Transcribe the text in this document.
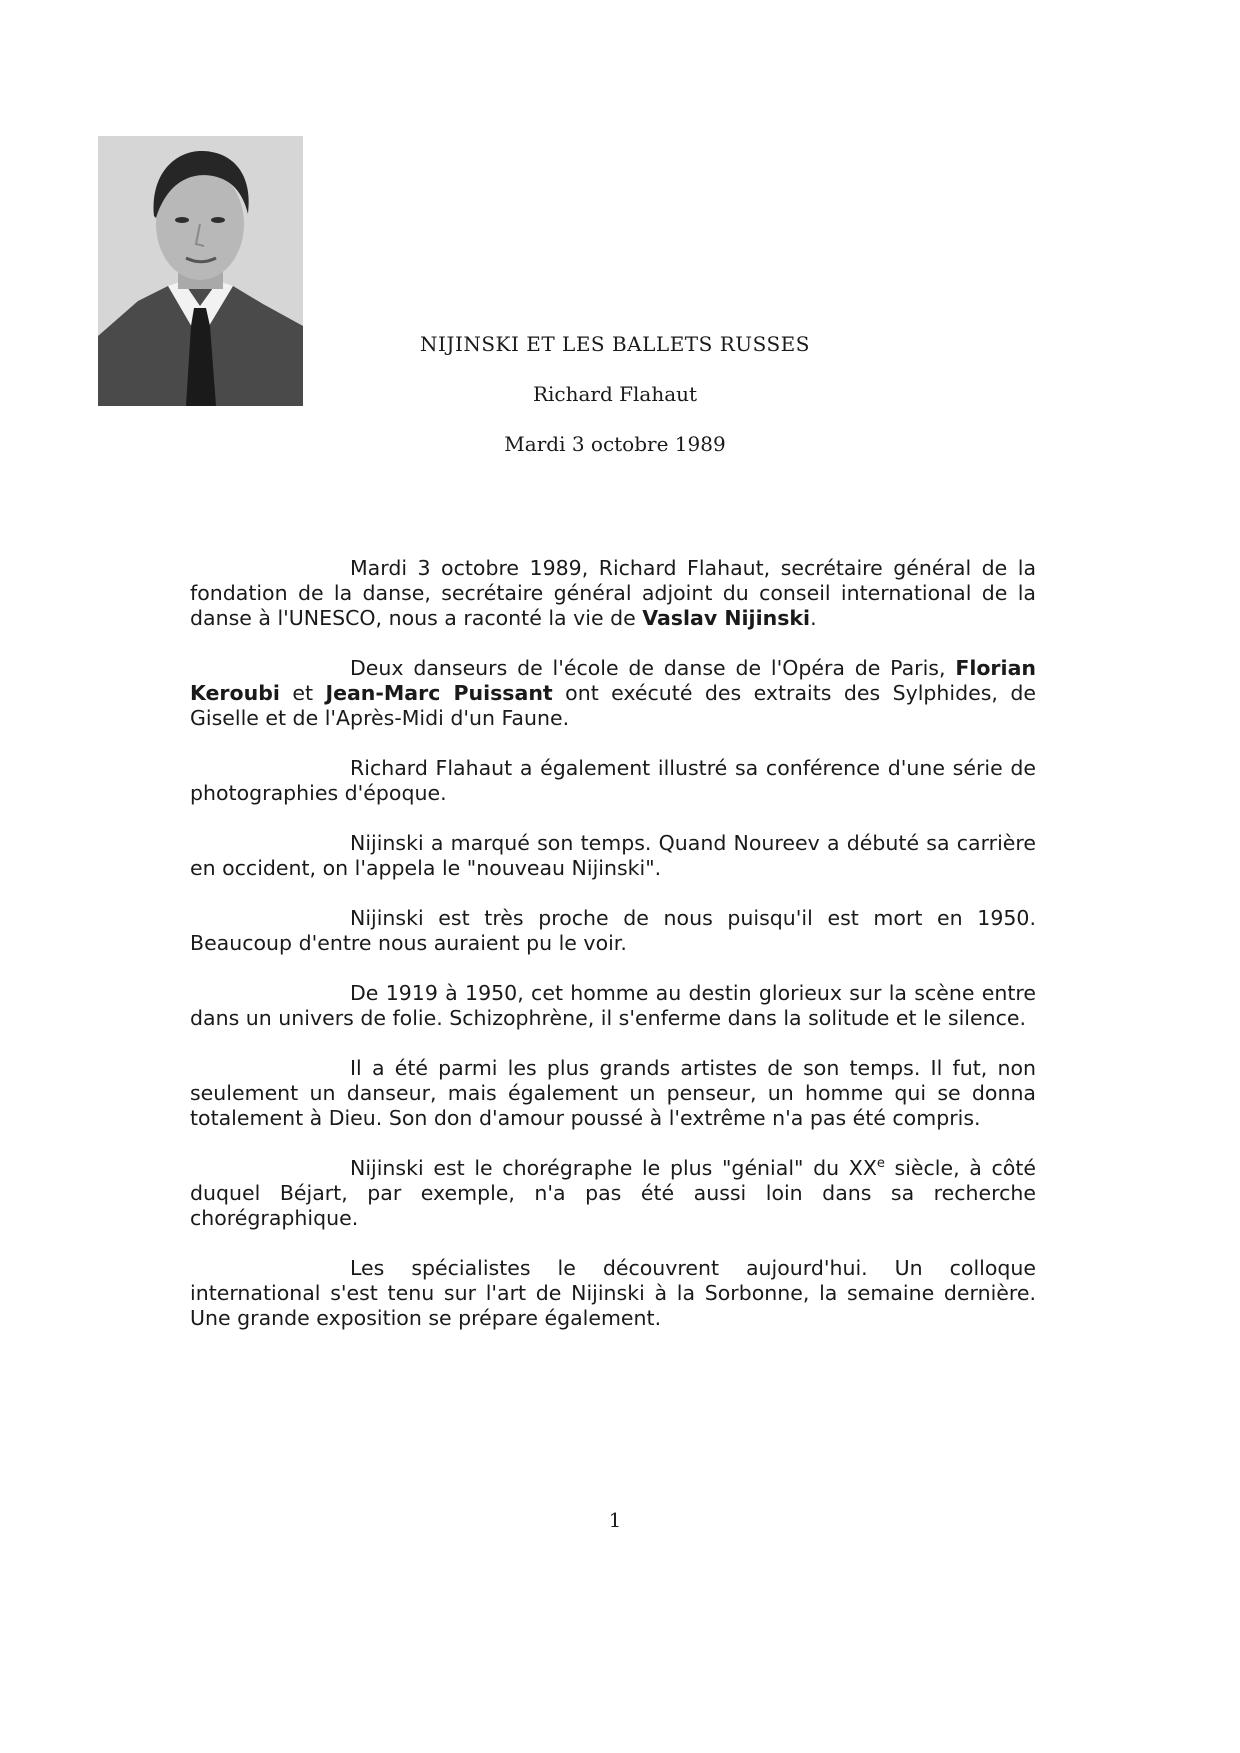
NIJINSKI ET LES BALLETS RUSSES
Richard Flahaut
Mardi 3 octobre 1989

Mardi 3 octobre 1989, Richard Flahaut, secrétaire général de la fondation de la danse, secrétaire général adjoint du conseil international de la danse à l'UNESCO, nous a raconté la vie de Vaslav Nijinski.

Deux danseurs de l'école de danse de l'Opéra de Paris, Florian Keroubi et Jean-Marc Puissant ont exécuté des extraits des Sylphides, de Giselle et de l'Après-Midi d'un Faune.

Richard Flahaut a également illustré sa conférence d'une série de photographies d'époque.

Nijinski a marqué son temps. Quand Noureev a débuté sa carrière en occident, on l'appela le "nouveau Nijinski".

Nijinski est très proche de nous puisqu'il est mort en 1950. Beaucoup d'entre nous auraient pu le voir.

De 1919 à 1950, cet homme au destin glorieux sur la scène entre dans un univers de folie. Schizophrène, il s'enferme dans la solitude et le silence.

Il a été parmi les plus grands artistes de son temps. Il fut, non seulement un danseur, mais également un penseur, un homme qui se donna totalement à Dieu. Son don d'amour poussé à l'extrême n'a pas été compris.

Nijinski est le chorégraphe le plus "génial" du XXe siècle, à côté duquel Béjart, par exemple, n'a pas été aussi loin dans sa recherche chorégraphique.

Les spécialistes le découvrent aujourd'hui. Un colloque international s'est tenu sur l'art de Nijinski à la Sorbonne, la semaine dernière. Une grande exposition se prépare également.

1
